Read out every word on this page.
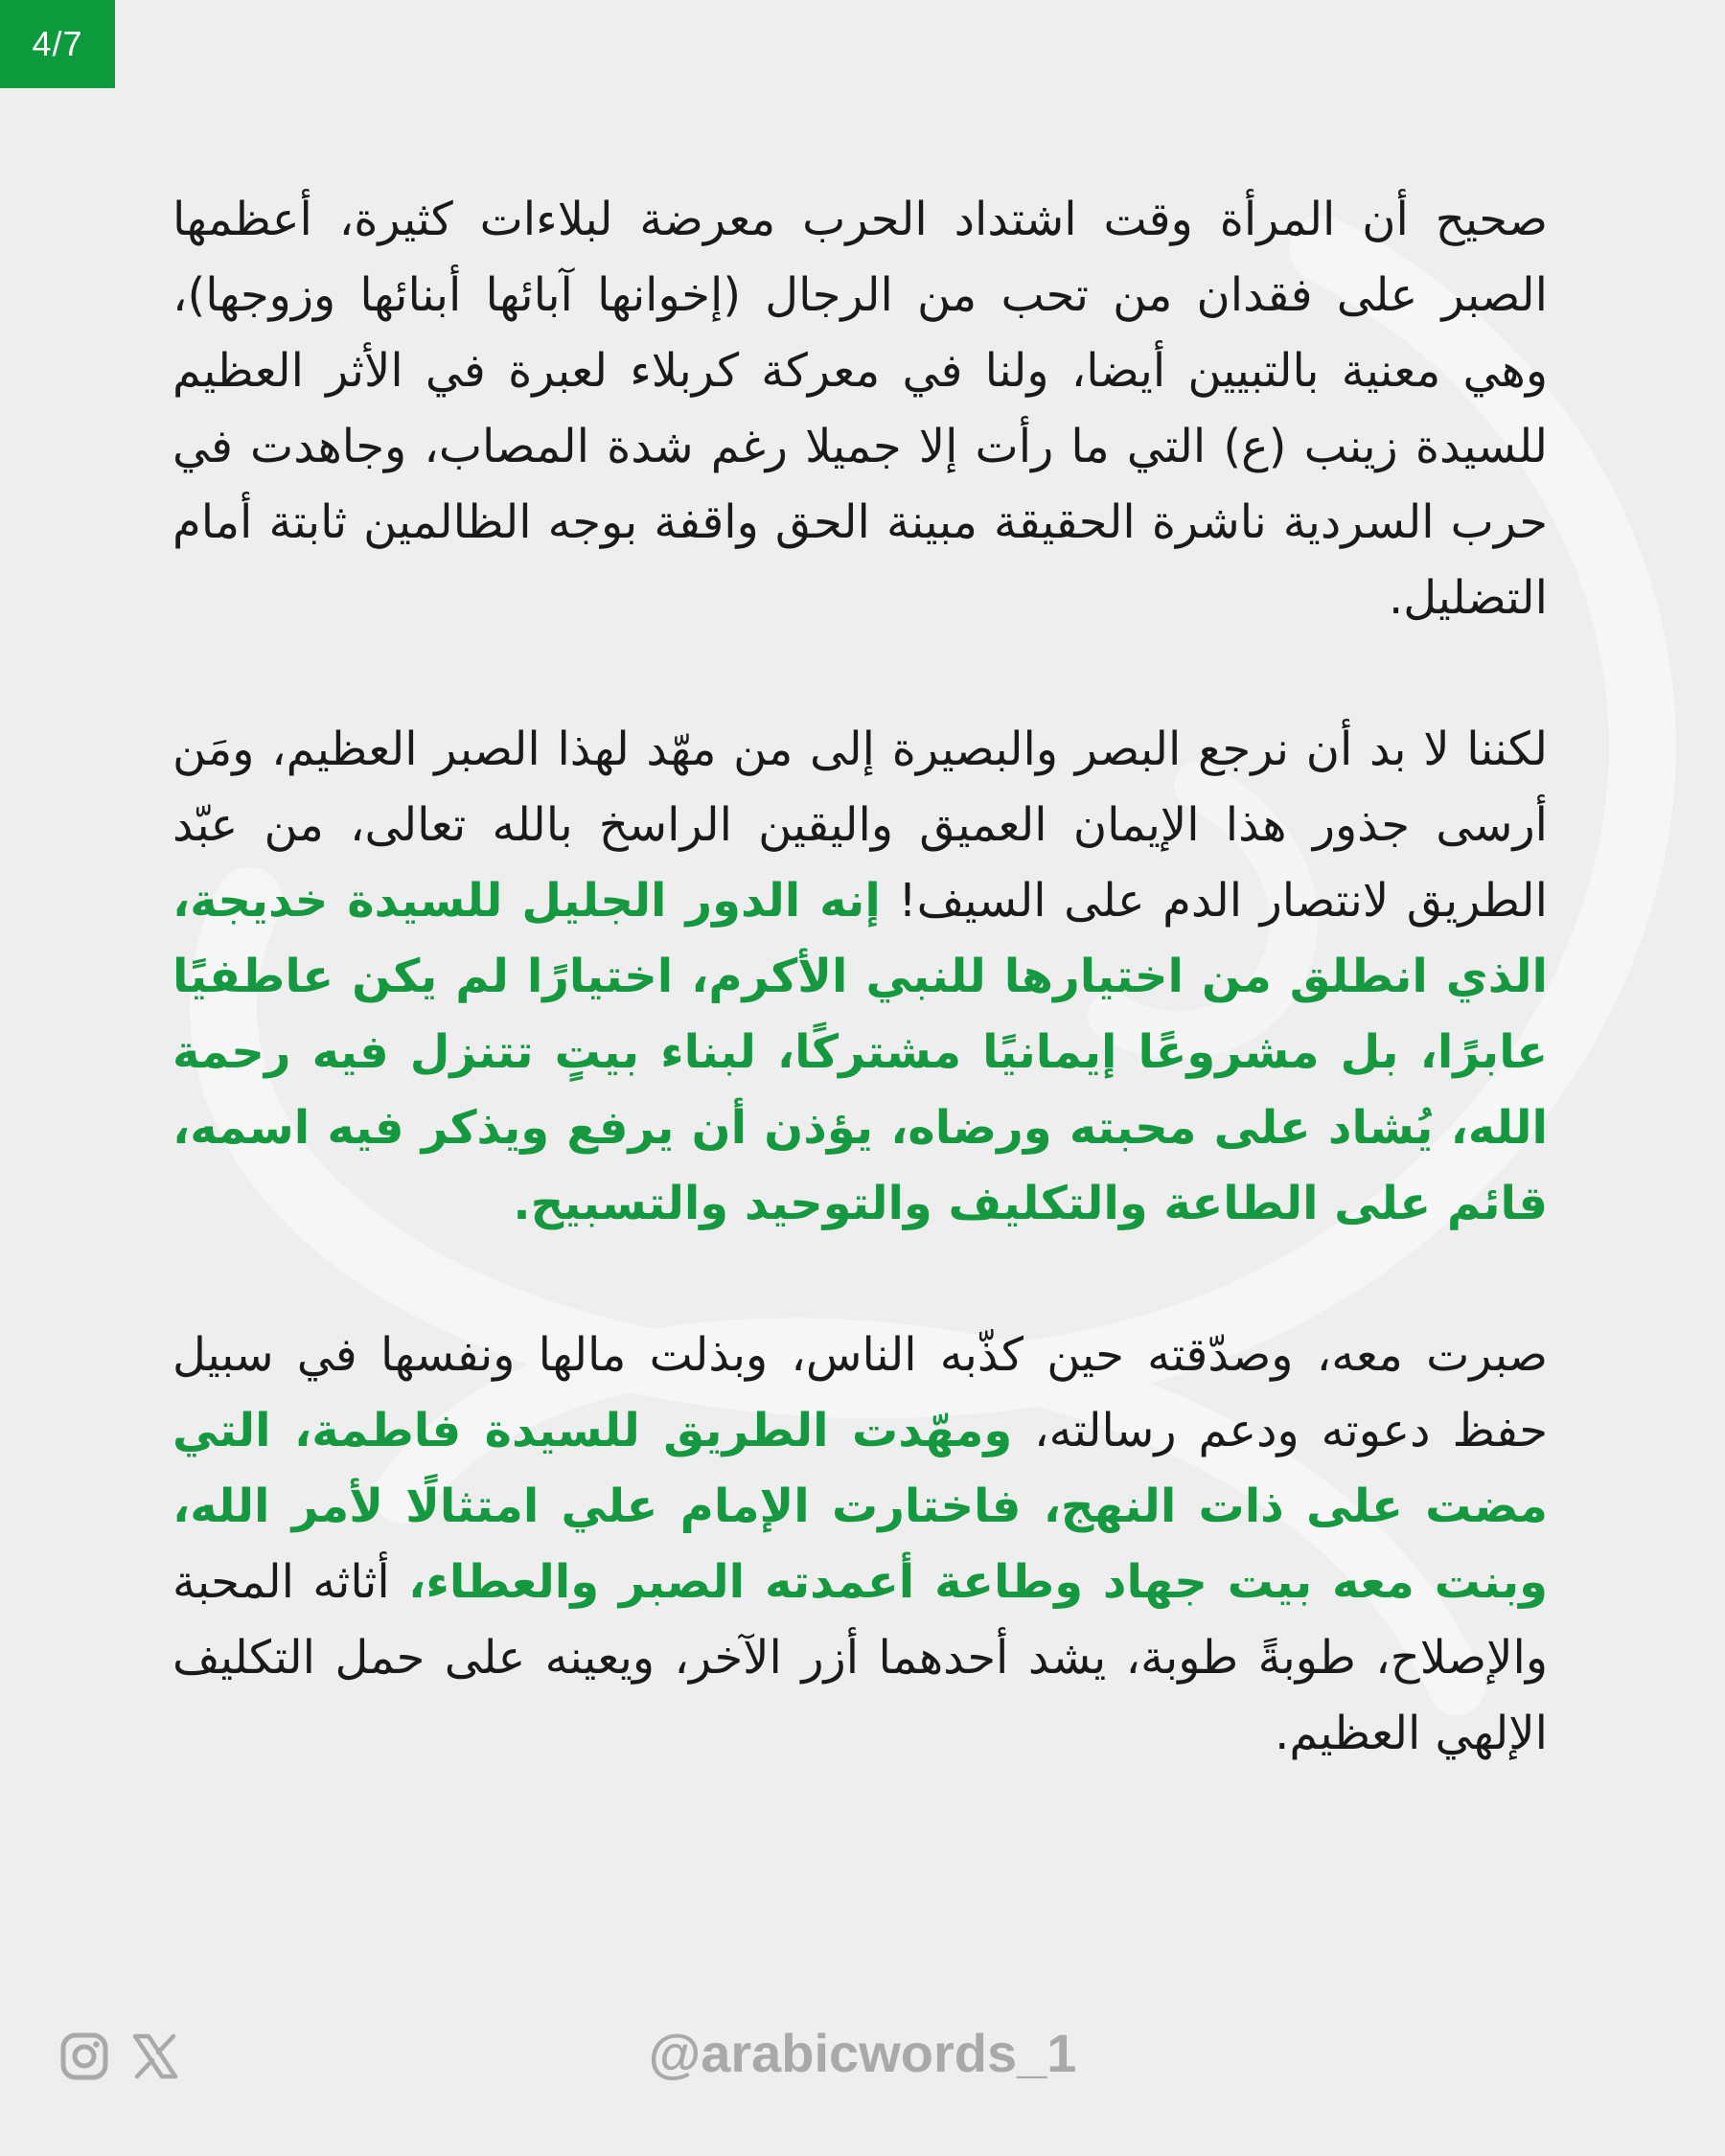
4/7

صحيح أن المرأة وقت اشتداد الحرب معرضة لبلاءات كثيرة، أعظمها الصبر على فقدان من تحب من الرجال (إخوانها آبائها أبنائها وزوجها)، وهي معنية بالتبيين أيضا، ولنا في معركة كربلاء لعبرة في الأثر العظيم للسيدة زينب (ع) التي ما رأت إلا جميلا رغم شدة المصاب، وجاهدت في حرب السردية ناشرة الحقيقة مبينة الحق واقفة بوجه الظالمين ثابتة أمام التضليل.

لكننا لا بد أن نرجع البصر والبصيرة إلى من مهّد لهذا الصبر العظيم، ومَن أرسى جذور هذا الإيمان العميق واليقين الراسخ بالله تعالى، من عبّد الطريق لانتصار الدم على السيف! إنه الدور الجليل للسيدة خديجة، الذي انطلق من اختيارها للنبي الأكرم، اختيارًا لم يكن عاطفيًا عابرًا، بل مشروعًا إيمانيًا مشتركًا، لبناء بيتٍ تتنزل فيه رحمة الله، يُشاد على محبته ورضاه، يؤذن أن يرفع ويذكر فيه اسمه، قائم على الطاعة والتكليف والتوحيد والتسبيح.

صبرت معه، وصدّقته حين كذّبه الناس، وبذلت مالها ونفسها في سبيل حفظ دعوته ودعم رسالته، ومهّدت الطريق للسيدة فاطمة، التي مضت على ذات النهج، فاختارت الإمام علي امتثالًا لأمر الله، وبنت معه بيت جهاد وطاعة أعمدته الصبر والعطاء، أثاثه المحبة والإصلاح، طوبةً طوبة، يشد أحدهما أزر الآخر، ويعينه على حمل التكليف الإلهي العظيم.

@arabicwords_1
